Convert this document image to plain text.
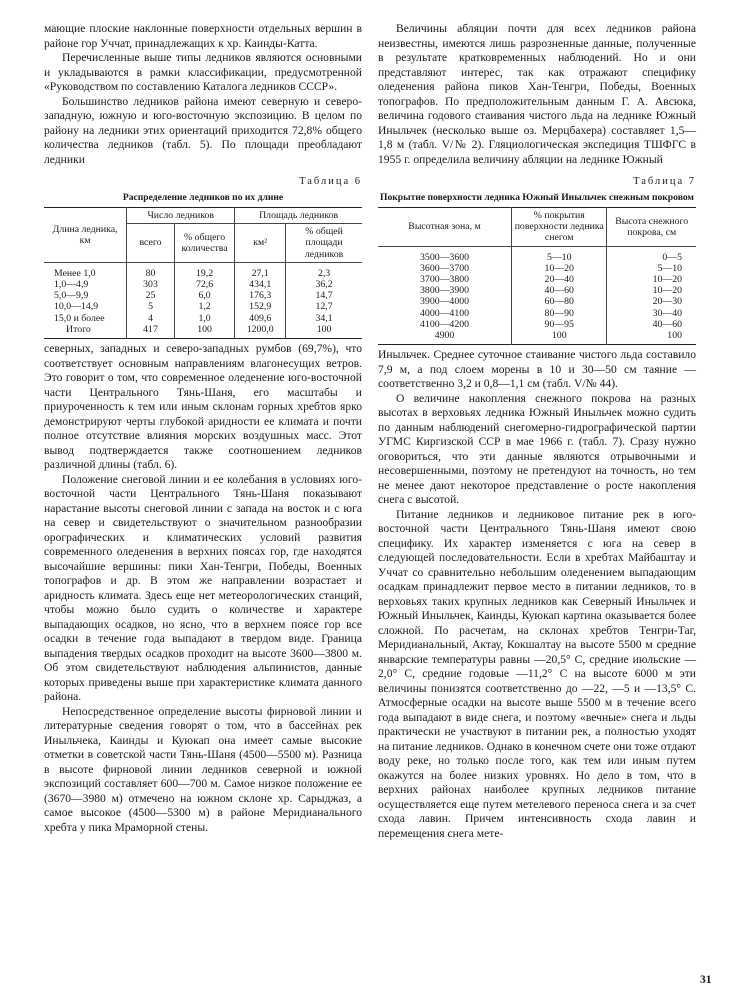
мающие плоские наклонные поверхности отдельных вершин в районе гор Уччат, принадлежащих к хр. Каинды-Катта.

Перечисленные выше типы ледников являются основными и укладываются в рамки классификации, предусмотренной «Руководством по составлению Каталога ледников СССР».

Большинство ледников района имеют северную и северо-западную, южную и юго-восточную экспозицию. В целом по району на ледники этих ориентаций приходится 72,8% общего количества ледников (табл. 5). По площади преобладают ледники

Таблица 6
Распределение ледников по их длине
Длина ледника, км	Число ледников		Площадь ледников	
	всего	% общего количества	км²	% общей площади ледников
Менее 1,0	80	19,2	27,1	2,3
1,0—4,9	303	72,6	434,1	36,2
5,0—9,9	25	6,0	176,3	14,7
10,0—14,9	5	1,2	152,9	12,7
15,0 и более	4	1,0	409,6	34,1
Итого	417	100	1200,0	100

северных, западных и северо-западных румбов (69,7%), что соответствует основным направлениям влагонесущих ветров. Это говорит о том, что современное оледенение юго-восточной части Центрального Тянь-Шаня, его масштабы и приуроченность к тем или иным склонам горных хребтов ярко демонстрируют черты глубокой аридности ее климата и почти полное отсутствие влияния морских воздушных масс. Этот вывод подтверждается также соотношением ледников различной длины (табл. 6).

Положение снеговой линии и ее колебания в условиях юго-восточной части Центрального Тянь-Шаня показывают нарастание высоты снеговой линии с запада на восток и с юга на север и свидетельствуют о значительном разнообразии орографических и климатических условий развития современного оледенения в верхних поясах гор, где находятся высочайшие вершины: пики Хан-Тенгри, Победы, Военных топографов и др. В этом же направлении возрастает и аридность климата. Здесь еще нет метеорологических станций, чтобы можно было судить о количестве и характере выпадающих осадков, но ясно, что в верхнем поясе гор все осадки в течение года выпадают в твердом виде. Граница выпадения твердых осадков проходит на высоте 3600—3800 м. Об этом свидетельствуют наблюдения альпинистов, данные которых приведены выше при характеристике климата данного района.

Непосредственное определение высоты фирновой линии и литературные сведения говорят о том, что в бассейнах рек Иныльчека, Каинды и Куюкап она имеет самые высокие отметки в советской части Тянь-Шаня (4500—5500 м). Разница в высоте фирновой линии ледников северной и южной экспозиций составляет 600—700 м. Самое низкое положение ее (3670—3980 м) отмечено на южном склоне хр. Сарыджаз, а самое высокое (4500—5300 м) в районе Меридианального хребта у пика Мраморной стены.

Величины абляции почти для всех ледников района неизвестны, имеются лишь разрозненные данные, полученные в результате кратковременных наблюдений. Но и они представляют интерес, так как отражают специфику оледенения района пиков Хан-Тенгри, Победы, Военных топографов. По предположительным данным Г. А. Авсюка, величина годового стаивания чистого льда на леднике Южный Иныльчек (несколько выше оз. Мерцбахера) составляет 1,5—1,8 м (табл. V/№ 2). Гляциологическая экспедиция ТШФГС в 1955 г. определила величину абляции на леднике Южный

Таблица 7
Покрытие поверхности ледника Южный Иныльчек снежным покровом
Высотная зона, м	% покрытия поверхности ледника снегом	Высота снежного покрова, см
3500—3600	5—10	0—5
3600—3700	10—20	5—10
3700—3800	20—40	10—20
3800—3900	40—60	10—20
3900—4000	60—80	20—30
4000—4100	80—90	30—40
4100—4200	90—95	40—60
4900	100	100

Иныльчек. Среднее суточное стаивание чистого льда составило 7,9 м, а под слоем морены в 10 и 30—50 см таяние — соответственно 3,2 и 0,8—1,1 см (табл. V/№ 44).

О величине накопления снежного покрова на разных высотах в верховьях ледника Южный Иныльчек можно судить по данным наблюдений снегомерно-гидрографической партии УГМС Киргизской ССР в мае 1966 г. (табл. 7). Сразу нужно оговориться, что эти данные являются отрывочными и несовершенными, поэтому не претендуют на точность, но тем не менее дают некоторое представление о росте накопления снега с высотой.

Питание ледников и ледниковое питание рек в юго-восточной части Центрального Тянь-Шаня имеют свою специфику. Их характер изменяется с юга на север в следующей последовательности. Если в хребтах Майбаштау и Уччат со сравнительно небольшим оледенением выпадающим осадкам принадлежит первое место в питании ледников, то в верховьях таких крупных ледников как Северный Иныльчек и Южный Иныльчек, Каинды, Куюкап картина оказывается более сложной. По расчетам, на склонах хребтов Тенгри-Таг, Меридианальный, Актау, Кокшалтау на высоте 5500 м средние январские температуры равны —20,5° С, средние июльские —2,0° С, средние годовые —11,2° С на высоте 6000 м эти величины понизятся соответственно до —22, —5 и —13,5° С. Атмосферные осадки на высоте выше 5500 м в течение всего года выпадают в виде снега, и поэтому «вечные» снега и льды практически не участвуют в питании рек, а полностью уходят на питание ледников. Однако в конечном счете они тоже отдают воду реке, но только после того, как тем или иным путем окажутся на более низких уровнях. Но дело в том, что в верхних районах наиболее крупных ледников питание осуществляется еще путем метелевого переноса снега и за счет схода лавин. Причем интенсивность схода лавин и перемещения снега мете-

31
